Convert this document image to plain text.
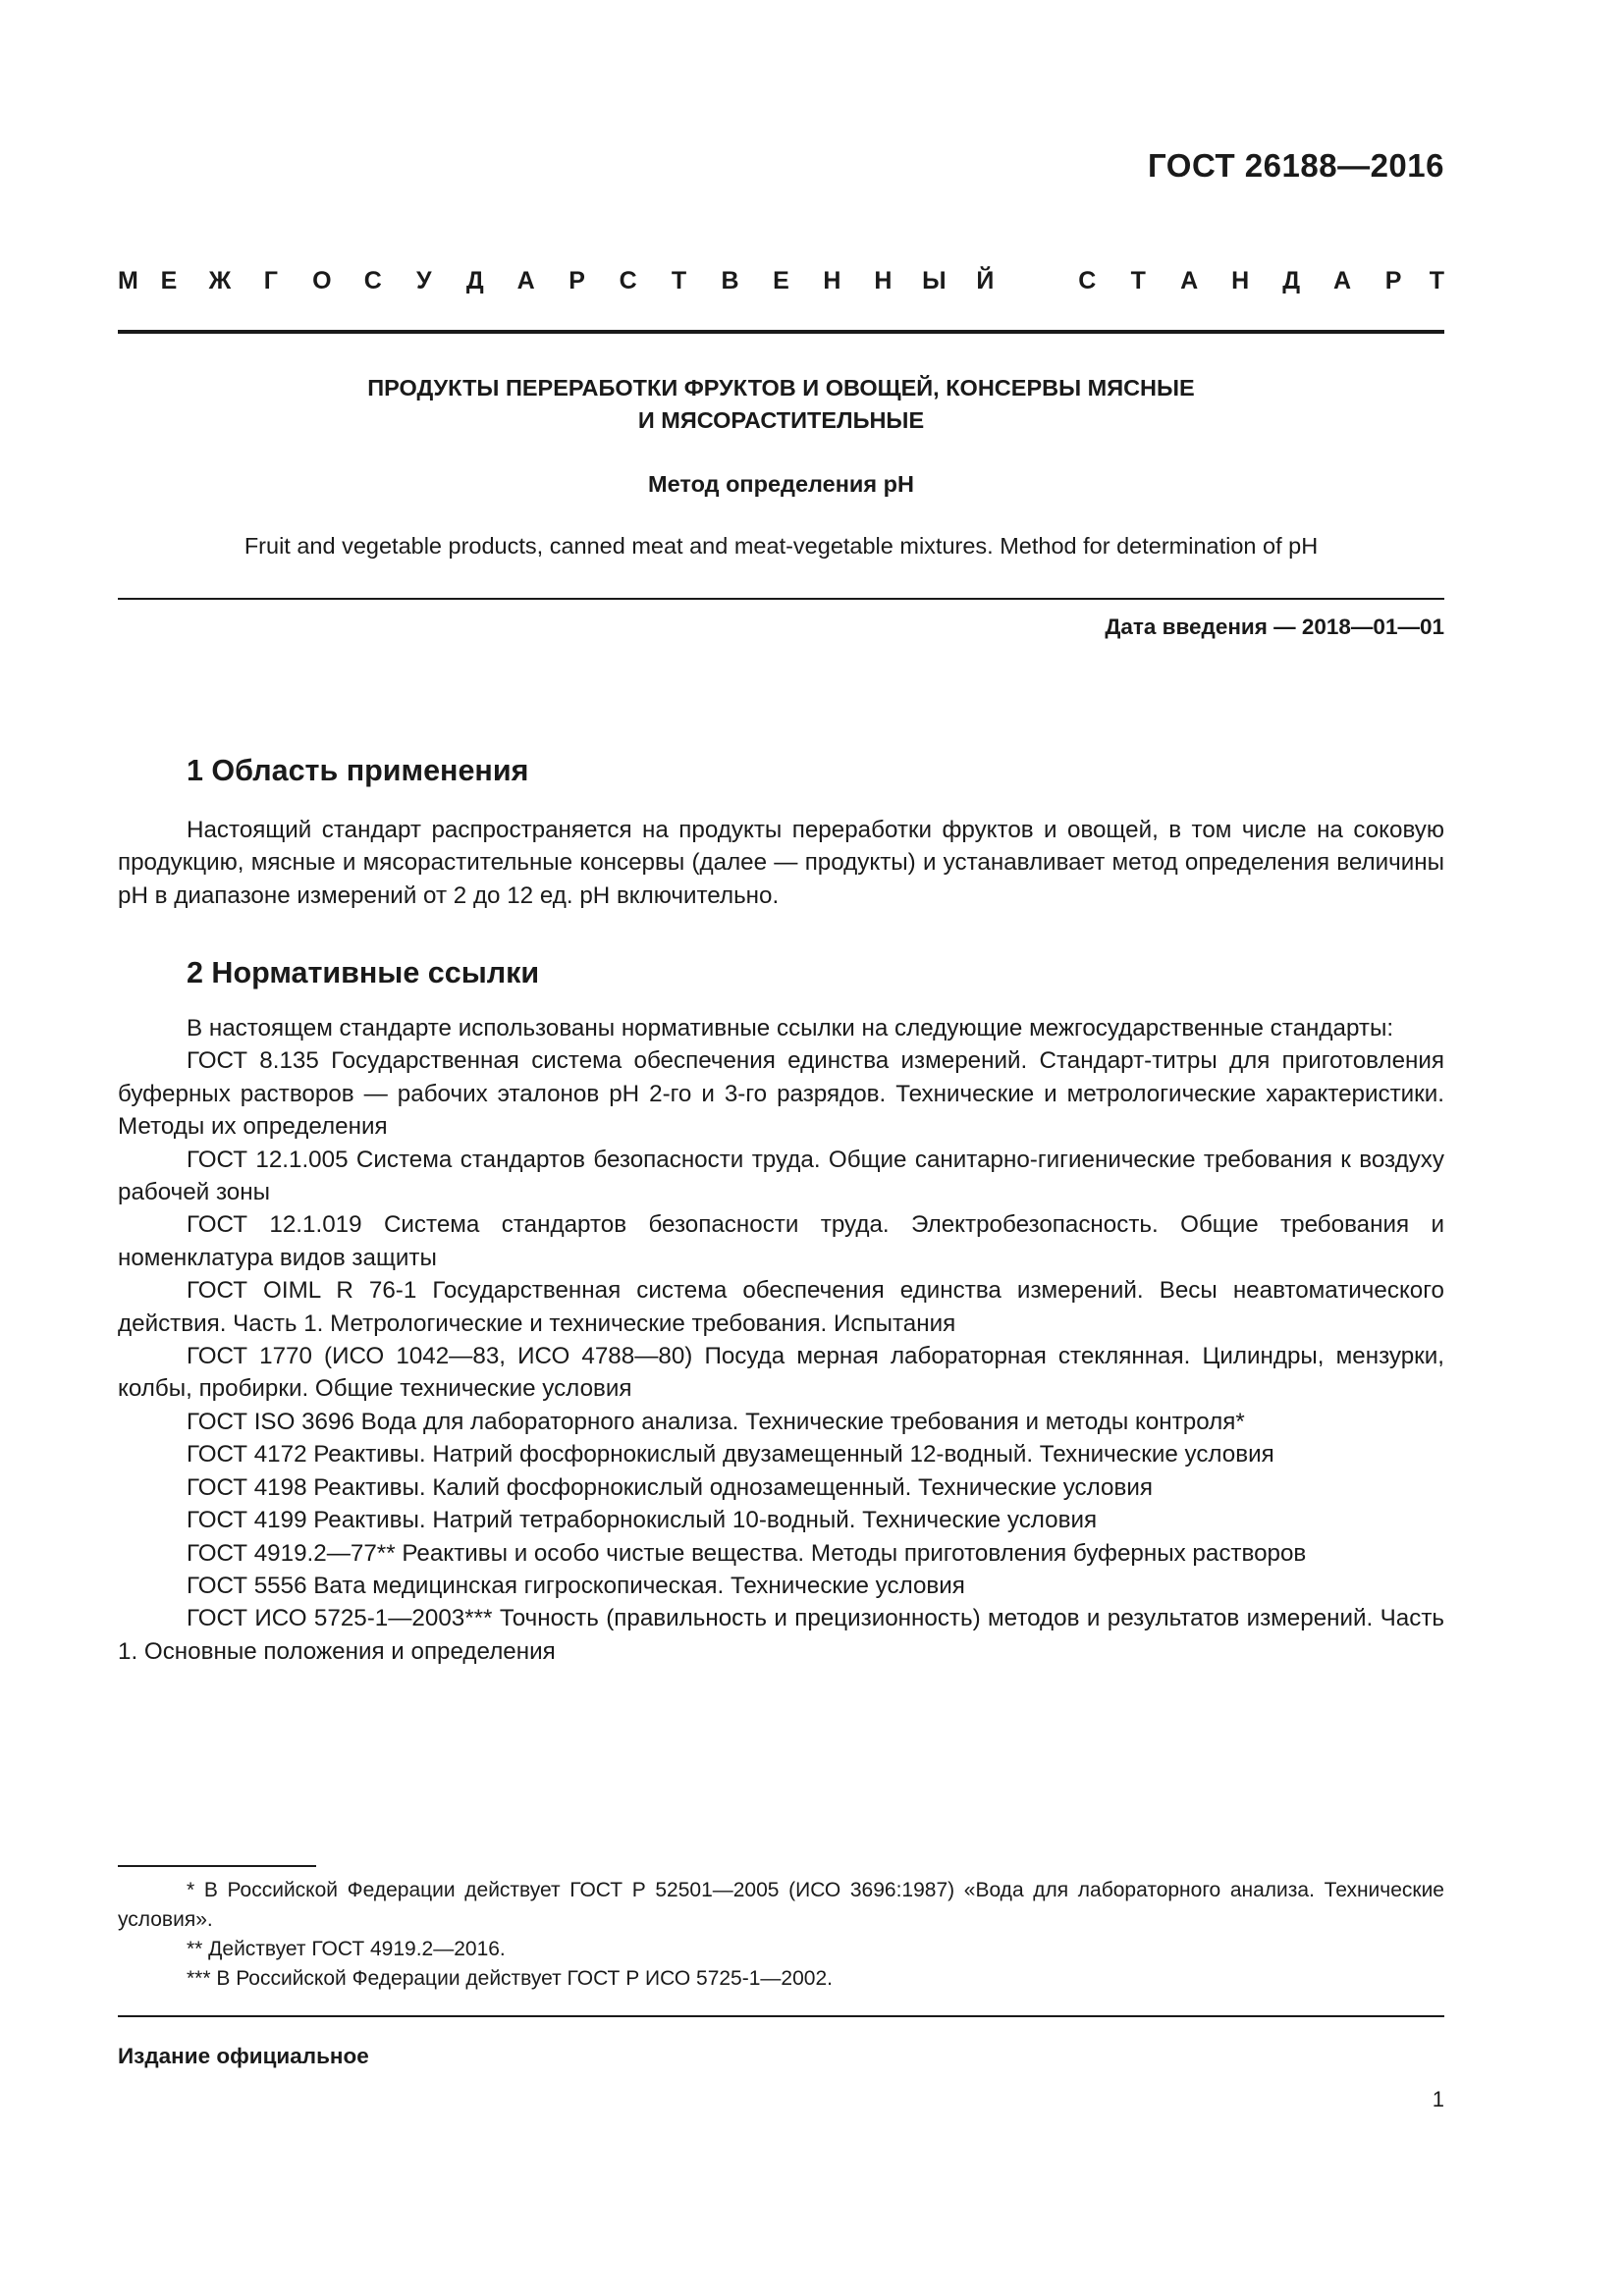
ГОСТ 26188—2016
М Е Ж Г О С У Д А Р С Т В Е Н Н Ы Й	С Т А Н Д А Р Т
ПРОДУКТЫ ПЕРЕРАБОТКИ ФРУКТОВ И ОВОЩЕЙ, КОНСЕРВЫ МЯСНЫЕ
И МЯСОРАСТИТЕЛЬНЫЕ
Метод определения pH
Fruit and vegetable products, canned meat and meat-vegetable mixtures. Method for determination of pH
Дата введения — 2018—01—01
1 Область применения

Настоящий стандарт распространяется на продукты переработки фруктов и овощей, в том числе на соковую продукцию, мясные и мясорастительные консервы (далее — продукты) и устанавливает метод определения величины pH в диапазоне измерений от 2 до 12 ед. pH включительно.

2 Нормативные ссылки

В настоящем стандарте использованы нормативные ссылки на следующие межгосударственные стандарты:

ГОСТ 8.135 Государственная система обеспечения единства измерений. Стандарт-титры для приготовления буферных растворов — рабочих эталонов pH 2-го и 3-го разрядов. Технические и метрологические характеристики. Методы их определения

ГОСТ 12.1.005 Система стандартов безопасности труда. Общие санитарно-гигиенические требования к воздуху рабочей зоны

ГОСТ 12.1.019 Система стандартов безопасности труда. Электробезопасность. Общие требования и номенклатура видов защиты

ГОСТ OIML R 76-1 Государственная система обеспечения единства измерений. Весы неавтоматического действия. Часть 1. Метрологические и технические требования. Испытания

ГОСТ 1770 (ИСО 1042—83, ИСО 4788—80) Посуда мерная лабораторная стеклянная. Цилиндры, мензурки, колбы, пробирки. Общие технические условия

ГОСТ ISO 3696 Вода для лабораторного анализа. Технические требования и методы контроля*

ГОСТ 4172 Реактивы. Натрий фосфорнокислый двузамещенный 12-водный. Технические условия

ГОСТ 4198 Реактивы. Калий фосфорнокислый однозамещенный. Технические условия

ГОСТ 4199 Реактивы. Натрий тетраборнокислый 10-водный. Технические условия

ГОСТ 4919.2—77** Реактивы и особо чистые вещества. Методы приготовления буферных растворов

ГОСТ 5556 Вата медицинская гигроскопическая. Технические условия

ГОСТ ИСО 5725-1—2003*** Точность (правильность и прецизионность) методов и результатов измерений. Часть 1. Основные положения и определения

* В Российской Федерации действует ГОСТ Р 52501—2005 (ИСО 3696:1987) «Вода для лабораторного анализа. Технические условия».

** Действует ГОСТ 4919.2—2016.

*** В Российской Федерации действует ГОСТ Р ИСО 5725-1—2002.

Издание официальное
1
